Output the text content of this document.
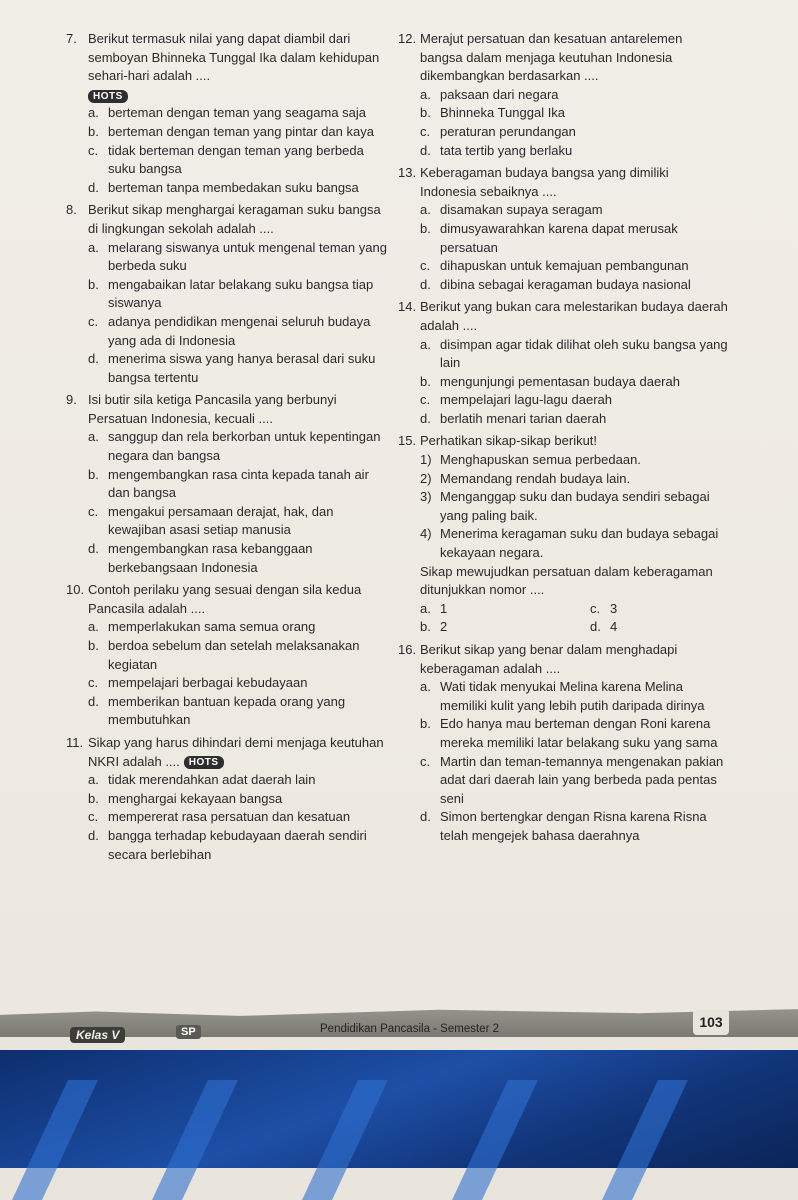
7. Berikut termasuk nilai yang dapat diambil dari semboyan Bhinneka Tunggal Ika dalam kehidupan sehari-hari adalah ....

HOTS
a. berteman dengan teman yang seagama saja
b. berteman dengan teman yang pintar dan kaya
c. tidak berteman dengan teman yang berbeda suku bangsa
d. berteman tanpa membedakan suku bangsa

8. Berikut sikap menghargai keragaman suku bangsa di lingkungan sekolah adalah ....

a. melarang siswanya untuk mengenal teman yang berbeda suku
b. mengabaikan latar belakang suku bangsa tiap siswanya
c. adanya pendidikan mengenai seluruh budaya yang ada di Indonesia
d. menerima siswa yang hanya berasal dari suku bangsa tertentu

9. Isi butir sila ketiga Pancasila yang berbunyi Persatuan Indonesia, kecuali ....

a. sanggup dan rela berkorban untuk kepentingan negara dan bangsa
b. mengembangkan rasa cinta kepada tanah air dan bangsa
c. mengakui persamaan derajat, hak, dan kewajiban asasi setiap manusia
d. mengembangkan rasa kebanggaan berkebangsaan Indonesia

10. Contoh perilaku yang sesuai dengan sila kedua Pancasila adalah ....

a. memperlakukan sama semua orang
b. berdoa sebelum dan setelah melaksanakan kegiatan
c. mempelajari berbagai kebudayaan
d. memberikan bantuan kepada orang yang membutuhkan

11. Sikap yang harus dihindari demi menjaga keutuhan NKRI adalah .... HOTS

a. tidak merendahkan adat daerah lain
b. menghargai kekayaan bangsa
c. mempererat rasa persatuan dan kesatuan
d. bangga terhadap kebudayaan daerah sendiri secara berlebihan

12. Merajut persatuan dan kesatuan antarelemen bangsa dalam menjaga keutuhan Indonesia dikembangkan berdasarkan ....

a. paksaan dari negara
b. Bhinneka Tunggal Ika
c. peraturan perundangan
d. tata tertib yang berlaku

13. Keberagaman budaya bangsa yang dimiliki Indonesia sebaiknya ....

a. disamakan supaya seragam
b. dimusyawarahkan karena dapat merusak persatuan
c. dihapuskan untuk kemajuan pembangunan
d. dibina sebagai keragaman budaya nasional

14. Berikut yang bukan cara melestarikan budaya daerah adalah ....

a. disimpan agar tidak dilihat oleh suku bangsa yang lain
b. mengunjungi pementasan budaya daerah
c. mempelajari lagu-lagu daerah
d. berlatih menari tarian daerah

15. Perhatikan sikap-sikap berikut!

1) Menghapuskan semua perbedaan.
2) Memandang rendah budaya lain.
3) Menganggap suku dan budaya sendiri sebagai yang paling baik.
4) Menerima keragaman suku dan budaya sebagai kekayaan negara.
Sikap mewujudkan persatuan dalam keberagaman ditunjukkan nomor ....
a. 1	c. 3
b. 2	d. 4

16. Berikut sikap yang benar dalam menghadapi keberagaman adalah ....

a. Wati tidak menyukai Melina karena Melina memiliki kulit yang lebih putih daripada dirinya
b. Edo hanya mau berteman dengan Roni karena mereka memiliki latar belakang suku yang sama
c. Martin dan teman-temannya mengenakan pakian adat dari daerah lain yang berbeda pada pentas seni
d. Simon bertengkar dengan Risna karena Risna telah mengejek bahasa daerahnya
Kelas V	SP	Pendidikan Pancasila - Semester 2	103
